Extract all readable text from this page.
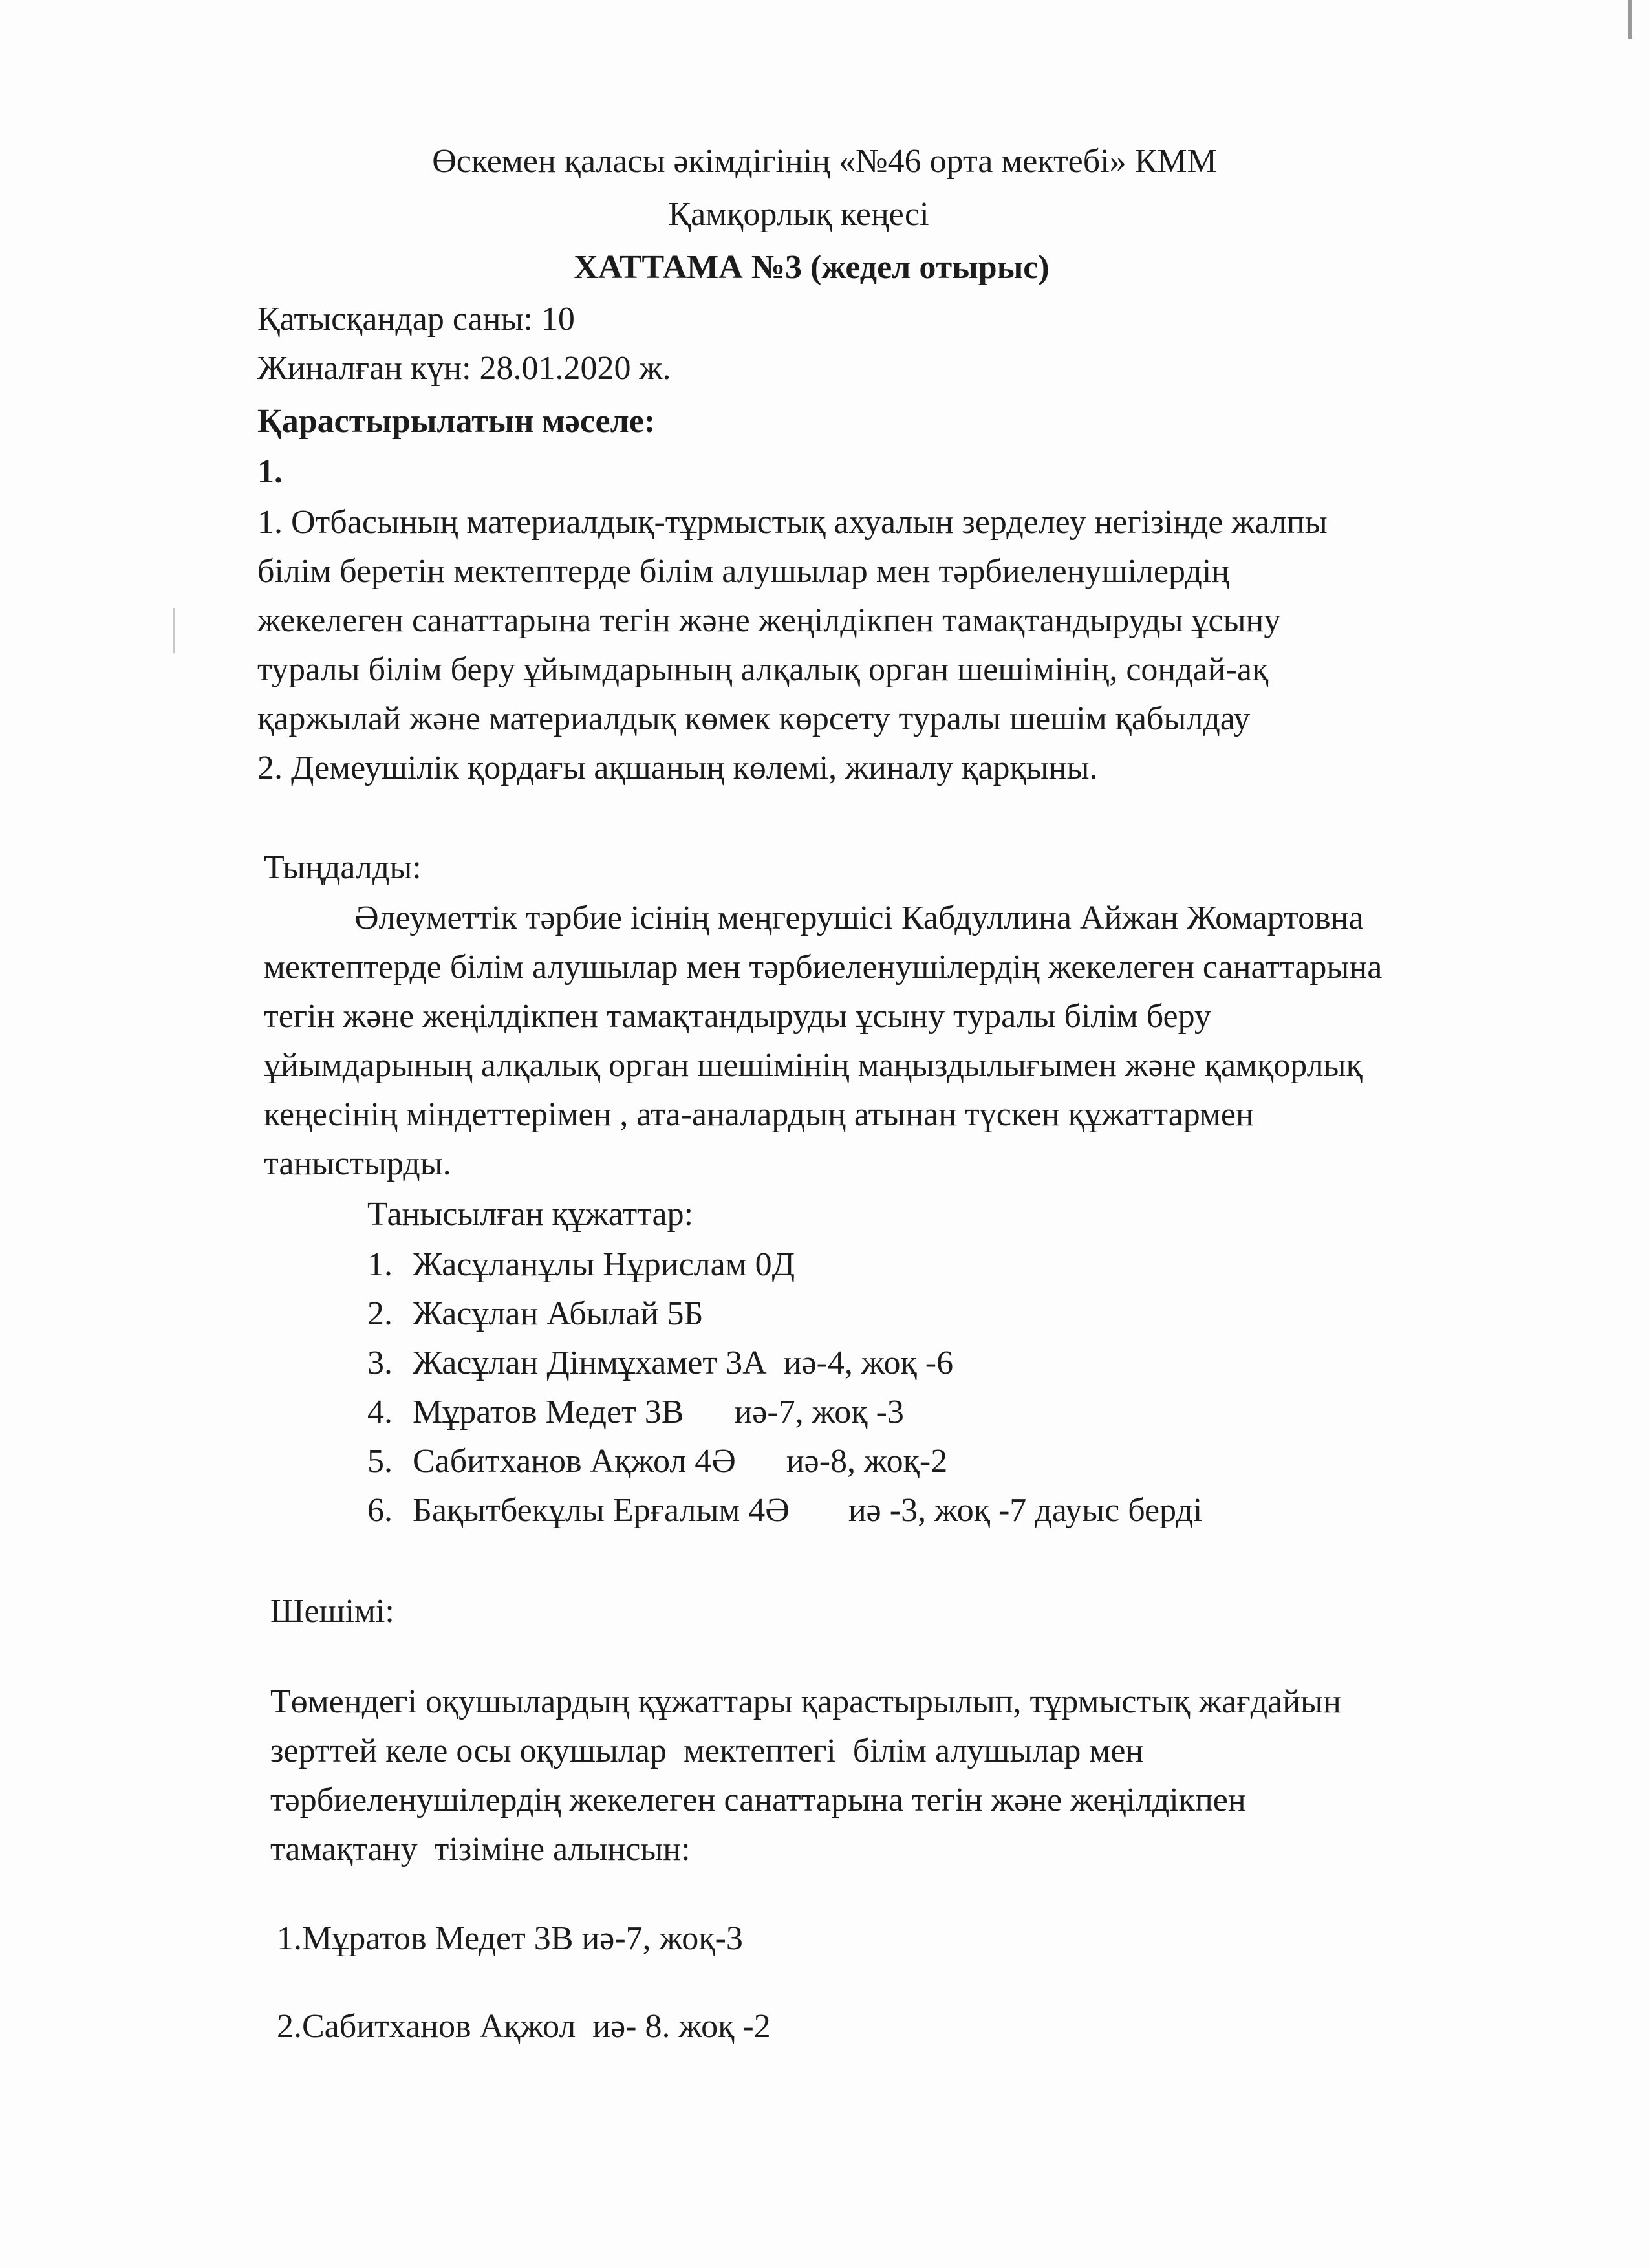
Өскемен қаласы әкімдігінің «№46 орта мектебі» КММ
Қамқорлық кеңесі
ХАТТАМА №3 (жедел отырыс)
Қатысқандар саны: 10
Жиналған күн: 28.01.2020 ж.
Қарастырылатын мәселе:
1.
1. Отбасының материалдық-тұрмыстық ахуалын зерделеу негізінде жалпы
білім беретін мектептерде білім алушылар мен тәрбиеленушілердің
жекелеген санаттарына тегін және жеңілдікпен тамақтандыруды ұсыну
туралы білім беру ұйымдарының алқалық орган шешімінің, сондай-ақ
қаржылай және материалдық көмек көрсету туралы шешім қабылдау
2. Демеушілік қордағы ақшаның көлемі, жиналу қарқыны.
Тыңдалды:
Әлеуметтік тәрбие ісінің меңгерушісі Кабдуллина Айжан Жомартовна
мектептерде білім алушылар мен тәрбиеленушілердің жекелеген санаттарына
тегін және жеңілдікпен тамақтандыруды ұсыну туралы білім беру
ұйымдарының алқалық орган шешімінің маңыздылығымен және қамқорлық
кеңесінің міндеттерімен , ата-аналардың атынан түскен құжаттармен
таныстырды.
Танысылған құжаттар:
1. Жасұланұлы Нұрислам 0Д
2. Жасұлан Абылай 5Б
3. Жасұлан Дінмұхамет 3А  иә-4, жоқ -6
4. Мұратов Медет 3В      иә-7, жоқ -3
5. Сабитханов Ақжол 4Ә      иә-8, жоқ-2
6. Бақытбекұлы Ерғалым 4Ә       иә -3, жоқ -7 дауыс берді
Шешімі:
Төмендегі оқушылардың құжаттары қарастырылып, тұрмыстық жағдайын
зерттей келе осы оқушылар  мектептегі  білім алушылар мен
тәрбиеленушілердің жекелеген санаттарына тегін және жеңілдікпен
тамақтану  тізіміне алынсын:
1.Мұратов Медет 3В иә-7, жоқ-3
2.Сабитханов Ақжол  иә- 8. жоқ -2
